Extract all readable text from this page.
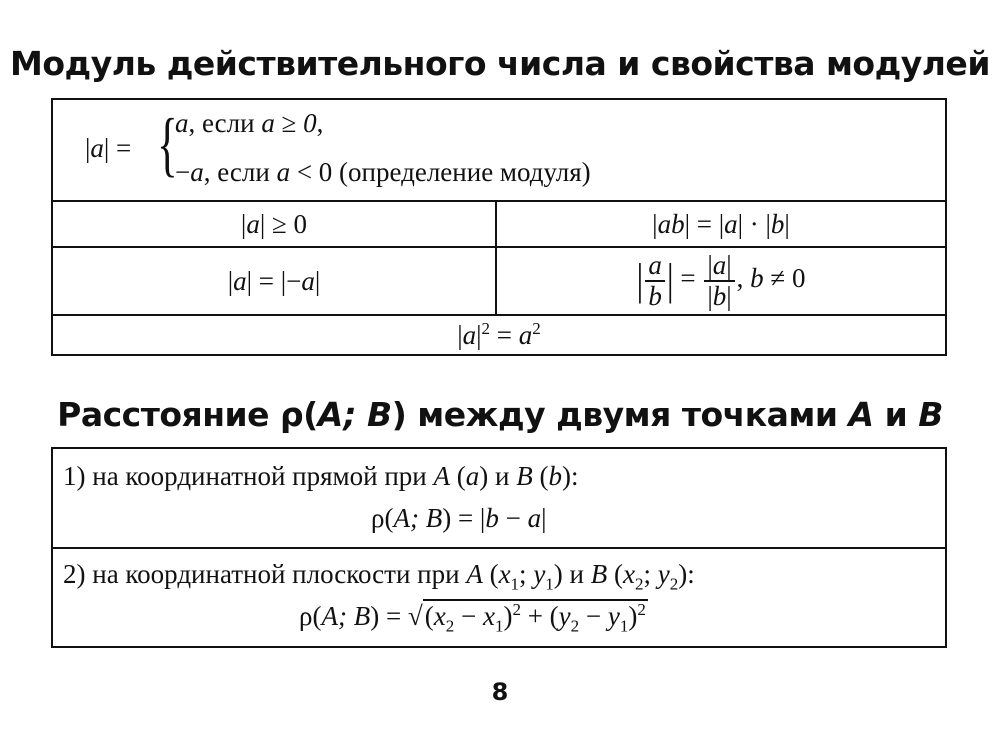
Модуль действительного числа и свойства модулей
|a| = {
a, если a ≥ 0,
−a, если a < 0 (определение модуля)
|a| ≥ 0	|ab| = |a| · |b|
|a| = |−a|	| $\frac{a}{b}$ | = $\frac{|a|}{|b|}$ , b ≠ 0
$|a|^2 = a^2$
Расстояние ρ(A; B) между двумя точками A и B
1) на координатной прямой при A (a) и B (b):
ρ(A; B) = |b − a|
2) на координатной плоскости при A ($x_1$; $y_1$) и B ($x_2$; $y_2$):
ρ(A; $B) = √(x_2 - x_1)^2 + (y_2 - y_1)^2$
8
